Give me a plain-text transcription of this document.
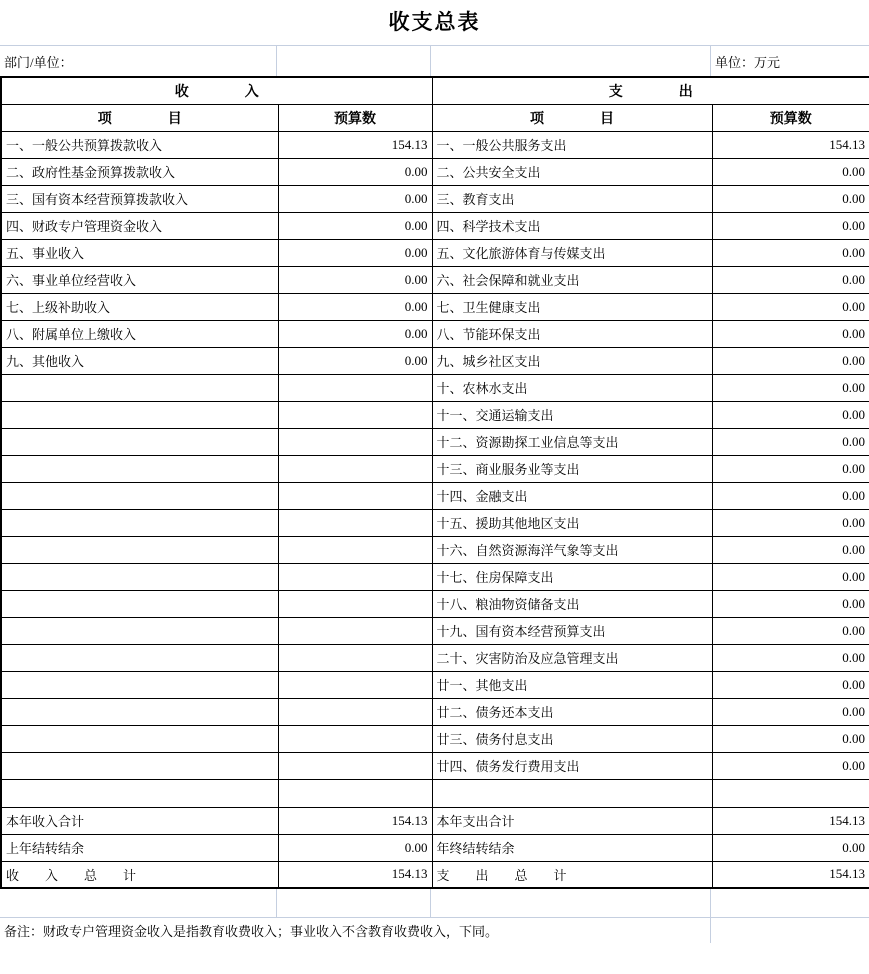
收支总表
部门/单位：	单位：万元
收　　　　入		支　　　　出	
项　　　　目	预算数	项　　　　目	预算数
一、一般公共预算拨款收入	154.13	一、一般公共服务支出	154.13
二、政府性基金预算拨款收入	0.00	二、公共安全支出	0.00
三、国有资本经营预算拨款收入	0.00	三、教育支出	0.00
四、财政专户管理资金收入	0.00	四、科学技术支出	0.00
五、事业收入	0.00	五、文化旅游体育与传媒支出	0.00
六、事业单位经营收入	0.00	六、社会保障和就业支出	0.00
七、上级补助收入	0.00	七、卫生健康支出	0.00
八、附属单位上缴收入	0.00	八、节能环保支出	0.00
九、其他收入	0.00	九、城乡社区支出	0.00
		十、农林水支出	0.00
		十一、交通运输支出	0.00
		十二、资源勘探工业信息等支出	0.00
		十三、商业服务业等支出	0.00
		十四、金融支出	0.00
		十五、援助其他地区支出	0.00
		十六、自然资源海洋气象等支出	0.00
		十七、住房保障支出	0.00
		十八、粮油物资储备支出	0.00
		十九、国有资本经营预算支出	0.00
		二十、灾害防治及应急管理支出	0.00
		廿一、其他支出	0.00
		廿二、债务还本支出	0.00
		廿三、债务付息支出	0.00
		廿四、债务发行费用支出	0.00

本年收入合计	154.13	本年支出合计	154.13
上年结转结余	0.00	年终结转结余	0.00
收　　入　　总　　计	154.13	支　　出　　总　　计	154.13
备注：财政专户管理资金收入是指教育收费收入；事业收入不含教育收费收入，下同。
